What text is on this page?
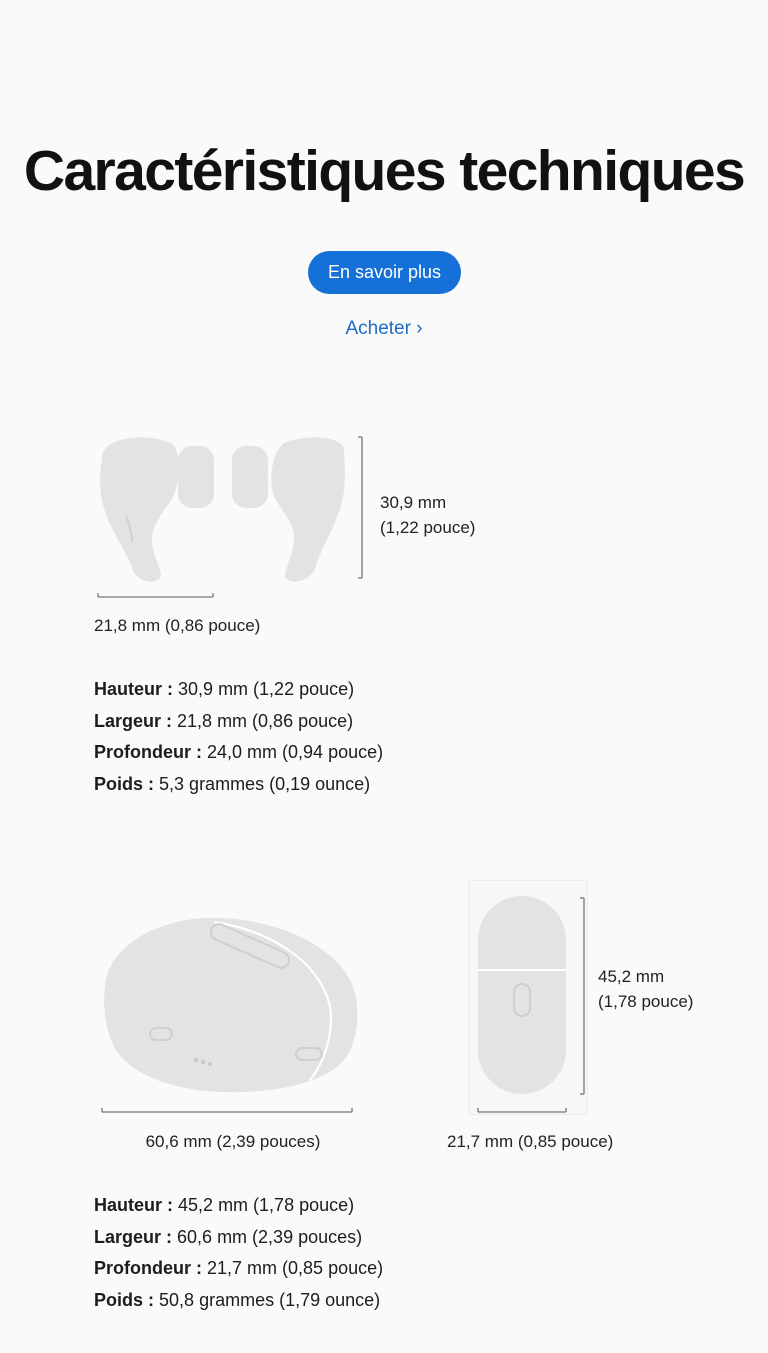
Caractéristiques techniques
En savoir plus
Acheter ›
30,9 mm
(1,22 pouce)
21,8 mm (0,86 pouce)
Hauteur : 30,9 mm (1,22 pouce)
Largeur : 21,8 mm (0,86 pouce)
Profondeur : 24,0 mm (0,94 pouce)
Poids : 5,3 grammes (0,19 ounce)
60,6 mm (2,39 pouces)
45,2 mm
(1,78 pouce)
21,7 mm (0,85 pouce)
Hauteur : 45,2 mm (1,78 pouce)
Largeur : 60,6 mm (2,39 pouces)
Profondeur : 21,7 mm (0,85 pouce)
Poids : 50,8 grammes (1,79 ounce)
